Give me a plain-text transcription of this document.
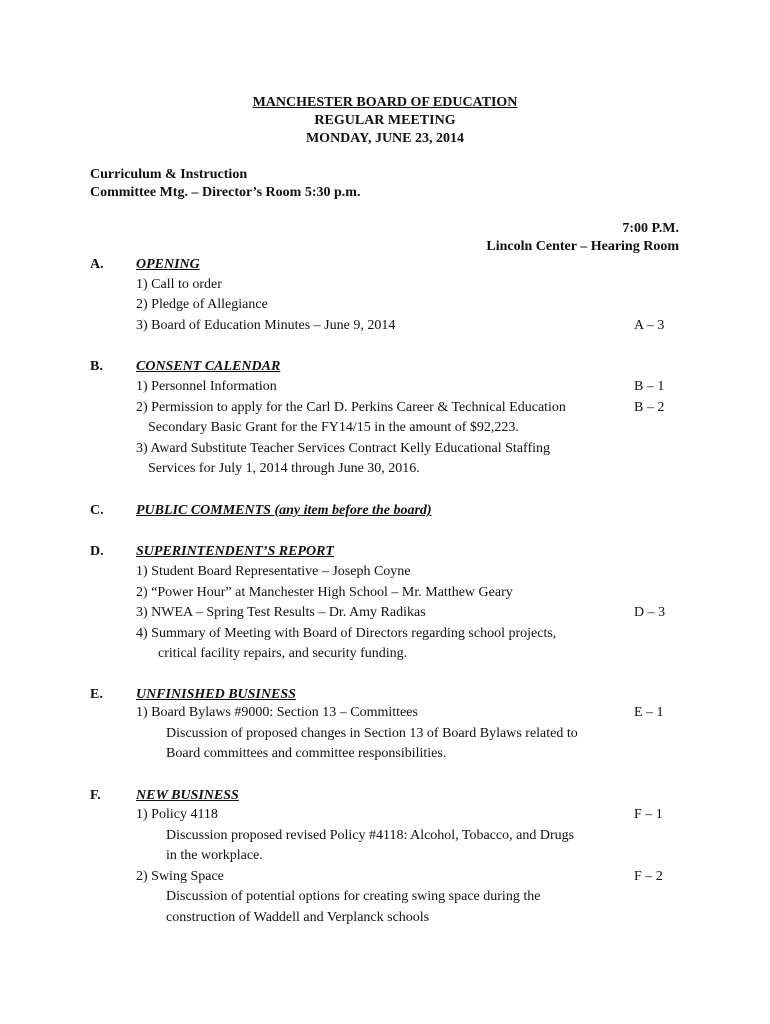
MANCHESTER BOARD OF EDUCATION
REGULAR MEETING
MONDAY, JUNE 23, 2014
Curriculum & Instruction
Committee Mtg. – Director’s Room 5:30 p.m.
7:00 P.M.
Lincoln Center – Hearing Room
A. OPENING
1) Call to order
2) Pledge of Allegiance
3) Board of Education Minutes – June 9, 2014	A – 3
B. CONSENT CALENDAR
1) Personnel Information	B – 1
2) Permission to apply for the Carl D. Perkins Career & Technical Education	B – 2
Secondary Basic Grant for the FY14/15 in the amount of $92,223.
3) Award Substitute Teacher Services Contract Kelly Educational Staffing
Services for July 1, 2014 through June 30, 2016.
C. PUBLIC COMMENTS (any item before the board)
D. SUPERINTENDENT’S REPORT
1) Student Board Representative – Joseph Coyne
2) “Power Hour” at Manchester High School – Mr. Matthew Geary
3) NWEA – Spring Test Results – Dr. Amy Radikas	D – 3
4) Summary of Meeting with Board of Directors regarding school projects,
critical facility repairs, and security funding.
E. UNFINISHED BUSINESS
1) Board Bylaws #9000: Section 13 – Committees	E – 1
Discussion of proposed changes in Section 13 of Board Bylaws related to
Board committees and committee responsibilities.
F.	NEW BUSINESS
1) Policy 4118	F – 1
Discussion proposed revised Policy #4118: Alcohol, Tobacco, and Drugs
in the workplace.
2) Swing Space	F – 2
Discussion of potential options for creating swing space during the
construction of Waddell and Verplanck schools
